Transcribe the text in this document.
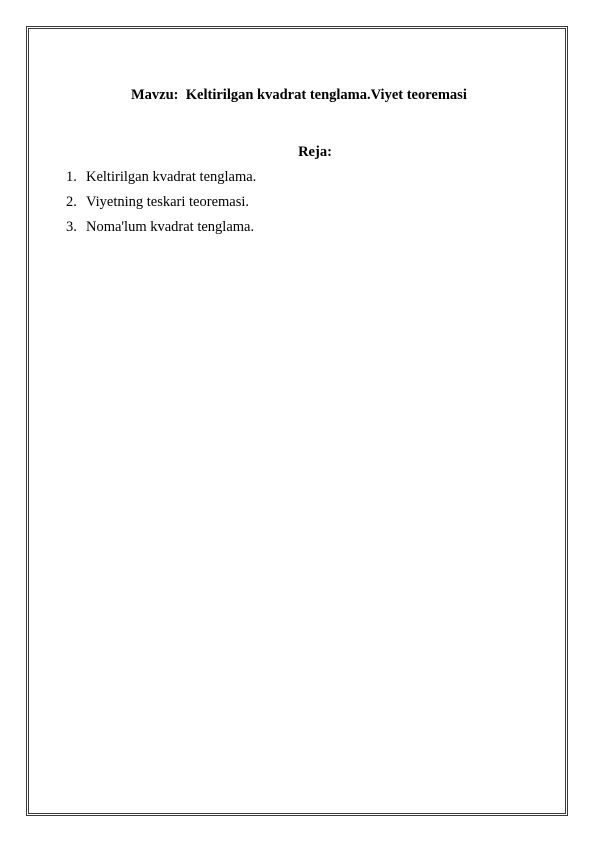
Mavzu:  Keltirilgan kvadrat tenglama.Viyet teoremasi
Reja:
1. Keltirilgan kvadrat tenglama.
2. Viyetning teskari teoremasi.
3. Noma'lum kvadrat tenglama.
